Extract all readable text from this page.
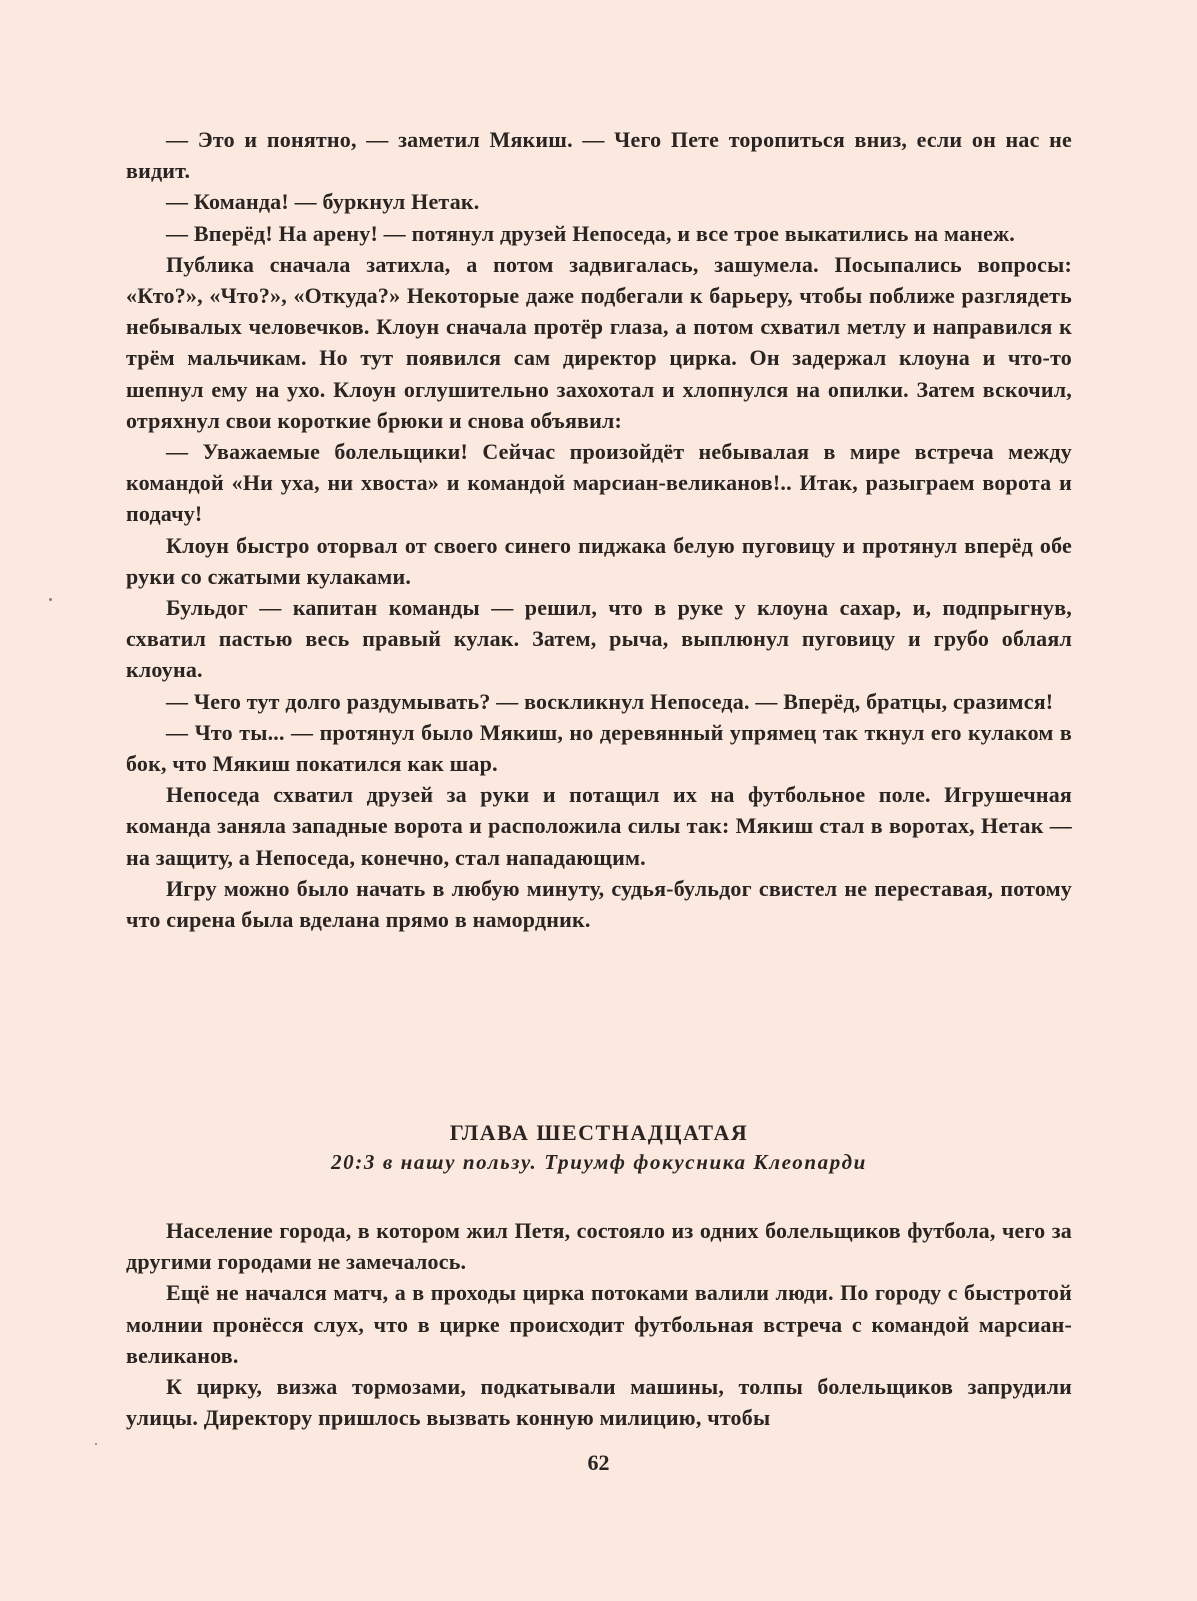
— Это и понятно, — заметил Мякиш. — Чего Пете торопиться вниз, если он нас не видит.

— Команда! — буркнул Нетак.

— Вперёд! На арену! — потянул друзей Непоседа, и все трое выкатились на манеж.

Публика сначала затихла, а потом задвигалась, зашумела. Посыпались вопросы: «Кто?», «Что?», «Откуда?» Некоторые даже подбегали к барьеру, чтобы поближе разглядеть небывалых человечков. Клоун сначала протёр глаза, а потом схватил метлу и направился к трём мальчикам. Но тут появился сам директор цирка. Он задержал клоуна и что-то шепнул ему на ухо. Клоун оглушительно захохотал и хлопнулся на опилки. Затем вскочил, отряхнул свои короткие брюки и снова объявил:

— Уважаемые болельщики! Сейчас произойдёт небывалая в мире встреча между командой «Ни уха, ни хвоста» и командой марсиан-великанов!.. Итак, разыграем ворота и подачу!

Клоун быстро оторвал от своего синего пиджака белую пуговицу и протянул вперёд обе руки со сжатыми кулаками.

Бульдог — капитан команды — решил, что в руке у клоуна сахар, и, подпрыгнув, схватил пастью весь правый кулак. Затем, рыча, выплюнул пуговицу и грубо облаял клоуна.

— Чего тут долго раздумывать? — воскликнул Непоседа. — Вперёд, братцы, сразимся!

— Что ты... — протянул было Мякиш, но деревянный упрямец так ткнул его кулаком в бок, что Мякиш покатился как шар.

Непоседа схватил друзей за руки и потащил их на футбольное поле. Игрушечная команда заняла западные ворота и расположила силы так: Мякиш стал в воротах, Нетак — на защиту, а Непоседа, конечно, стал нападающим.

Игру можно было начать в любую минуту, судья-бульдог свистел не переставая, потому что сирена была вделана прямо в намордник.

ГЛАВА ШЕСТНАДЦАТАЯ

20:3 в нашу пользу. Триумф фокусника Клеопарди

Население города, в котором жил Петя, состояло из одних болельщиков футбола, чего за другими городами не замечалось.

Ещё не начался матч, а в проходы цирка потоками валили люди. По городу с быстротой молнии пронёсся слух, что в цирке происходит футбольная встреча с командой марсиан-великанов.

К цирку, визжа тормозами, подкатывали машины, толпы болельщиков запрудили улицы. Директору пришлось вызвать конную милицию, чтобы

62
